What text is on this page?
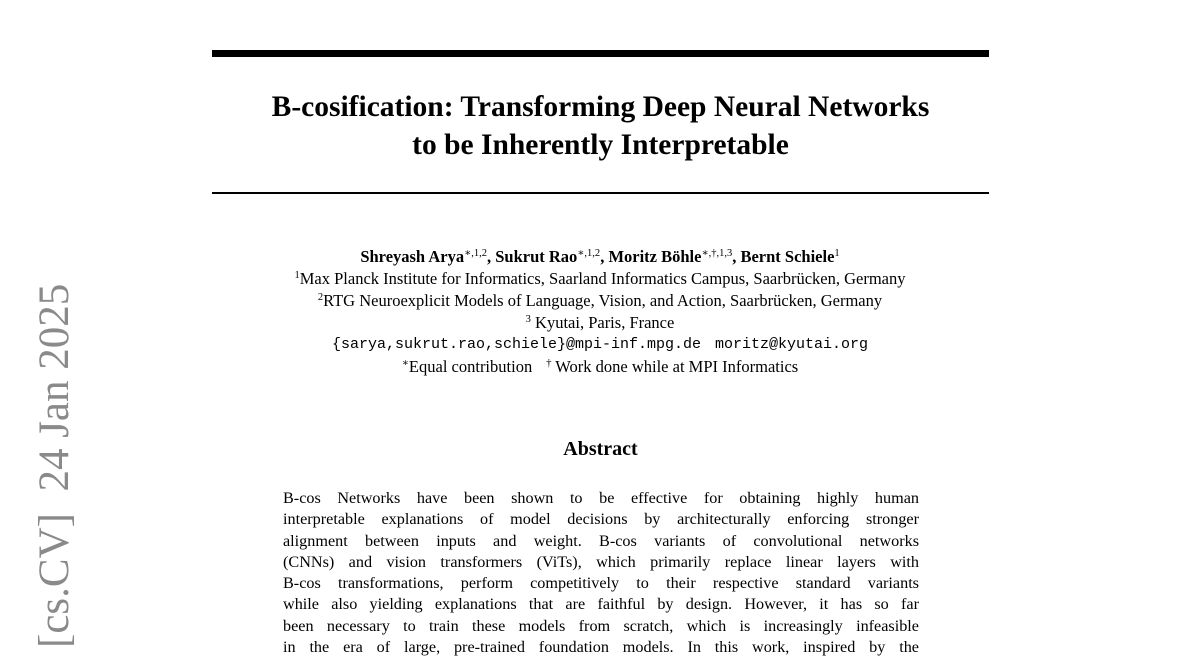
B-cosification: Transforming Deep Neural Networks
to be Inherently Interpretable
Shreyash Arya$^{∗,1,2}$, Sukrut Rao$^{∗,1,2}$, Moritz Böhle$^{∗,\dagger,1,3}$, Bernt Schiele$^1$
$^1$Max Planck Institute for Informatics, Saarland Informatics Campus, Saarbrücken, Germany
$^2$RTG Neuroexplicit Models of Language, Vision, and Action, Saarbrücken, Germany
$^3$ Kyutai, Paris, France
{sarya,sukrut.rao,schiele}@mpi-inf.mpg.de moritz@kyutai.org
∗Equal contribution † Work done while at MPI Informatics
Abstract
B-cos Networks have been shown to be effective for obtaining highly human
interpretable explanations of model decisions by architecturally enforcing stronger
alignment between inputs and weight. B-cos variants of convolutional networks
(CNNs) and vision transformers (ViTs), which primarily replace linear layers with
B-cos transformations, perform competitively to their respective standard variants
while also yielding explanations that are faithful by design. However, it has so far
been necessary to train these models from scratch, which is increasingly infeasible
in the era of large, pre-trained foundation models. In this work, inspired by the
[cs.CV]  24 Jan 2025
